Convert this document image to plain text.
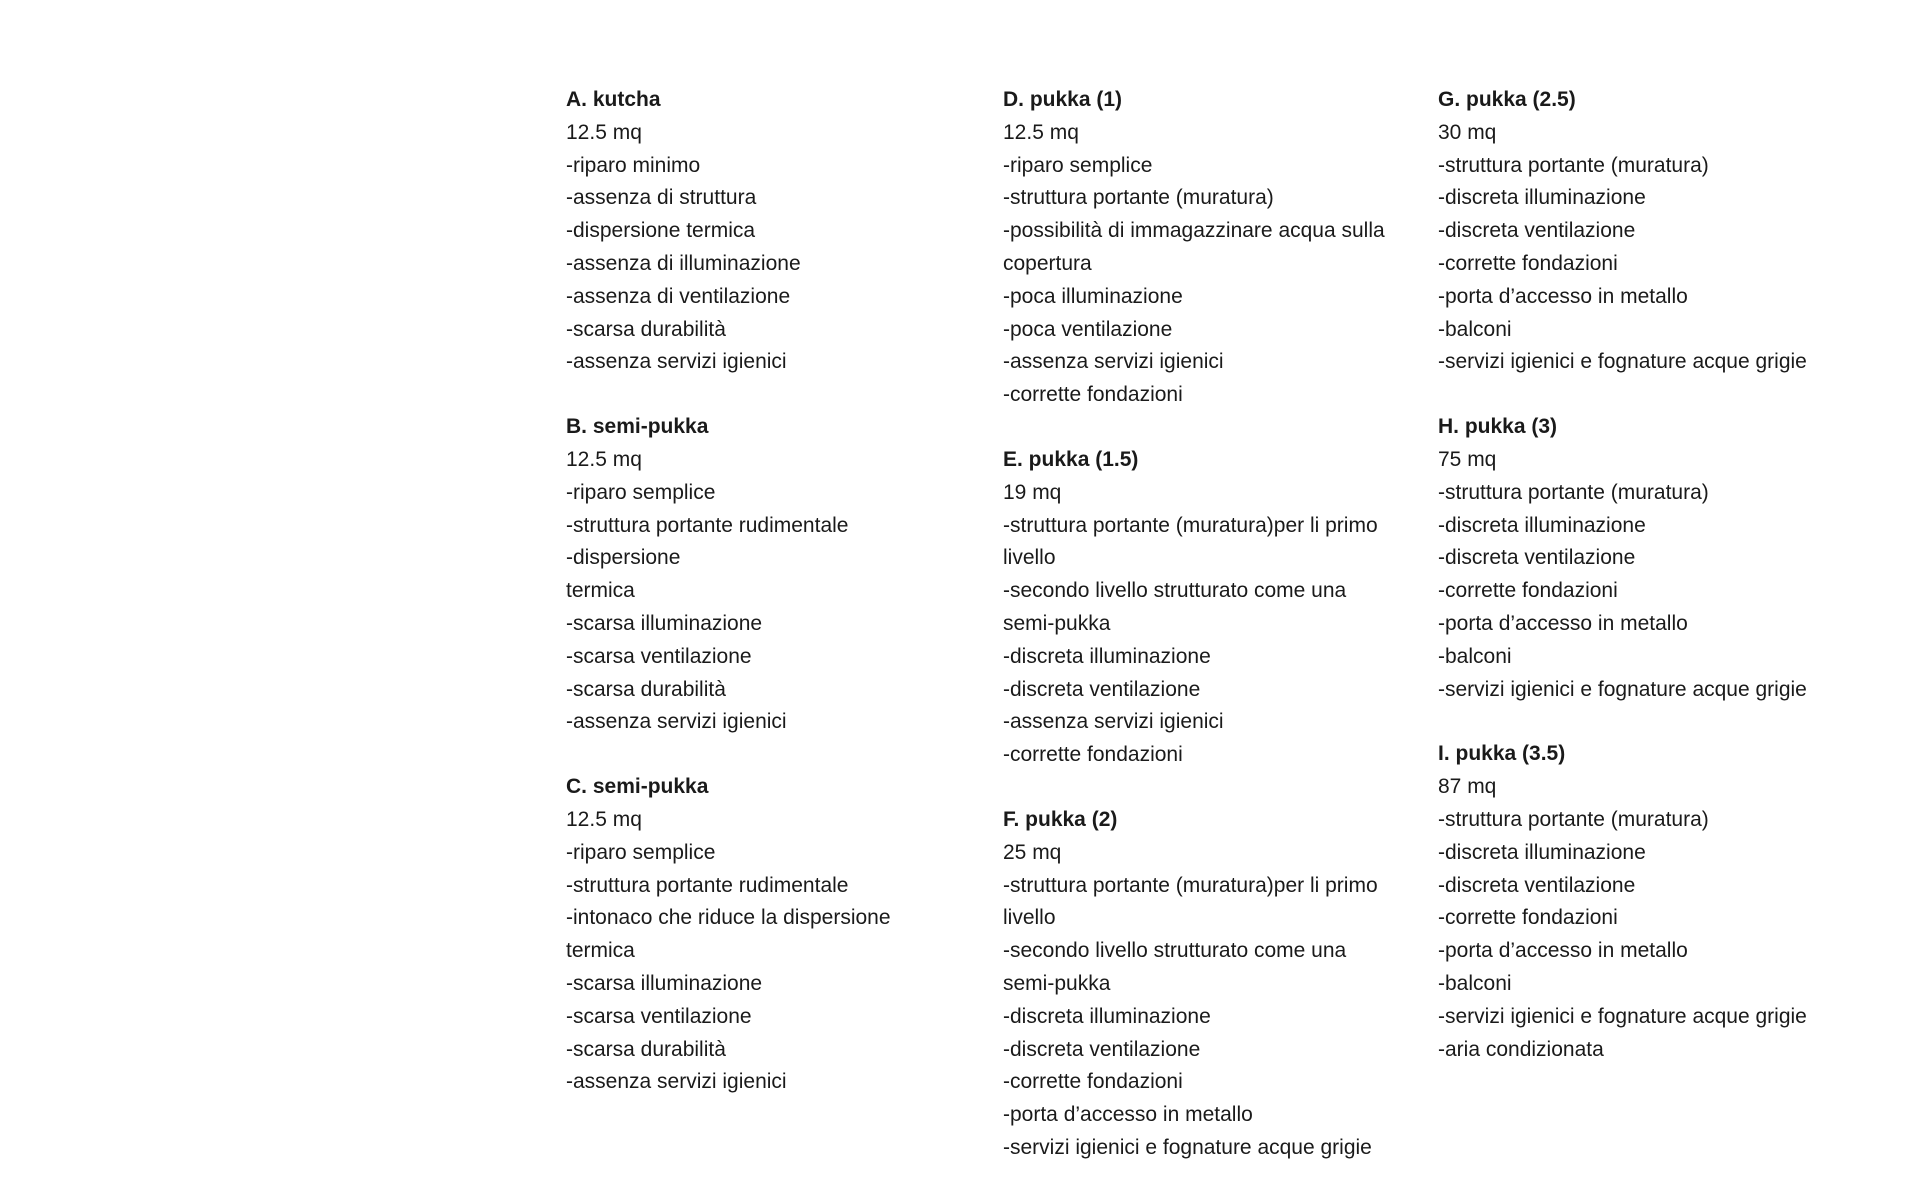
A. kutcha
12.5 mq
-riparo minimo
-assenza di struttura
-dispersione termica
-assenza di illuminazione
-assenza di ventilazione
-scarsa durabilità
-assenza servizi igienici
B. semi-pukka
12.5 mq
-riparo semplice
-struttura portante rudimentale
-dispersione
termica
-scarsa illuminazione
-scarsa ventilazione
-scarsa durabilità
-assenza servizi igienici
C. semi-pukka
12.5 mq
-riparo semplice
-struttura portante rudimentale
-intonaco che riduce la dispersione
termica
-scarsa illuminazione
-scarsa ventilazione
-scarsa durabilità
-assenza servizi igienici
D. pukka (1)
12.5 mq
-riparo semplice
-struttura portante (muratura)
-possibilità di immagazzinare acqua sulla
copertura
-poca illuminazione
-poca ventilazione
-assenza servizi igienici
-corrette fondazioni
E. pukka (1.5)
19 mq
-struttura portante (muratura)per li primo
livello
-secondo livello strutturato come una
semi-pukka
-discreta illuminazione
-discreta ventilazione
-assenza servizi igienici
-corrette fondazioni
F. pukka (2)
25 mq
-struttura portante (muratura)per li primo
livello
-secondo livello strutturato come una
semi-pukka
-discreta illuminazione
-discreta ventilazione
-corrette fondazioni
-porta d’accesso in metallo
-servizi igienici e fognature acque grigie
G. pukka (2.5)
30 mq
-struttura portante (muratura)
-discreta illuminazione
-discreta ventilazione
-corrette fondazioni
-porta d’accesso in metallo
-balconi
-servizi igienici e fognature acque grigie
H. pukka (3)
75 mq
-struttura portante (muratura)
-discreta illuminazione
-discreta ventilazione
-corrette fondazioni
-porta d’accesso in metallo
-balconi
-servizi igienici e fognature acque grigie
I. pukka (3.5)
87 mq
-struttura portante (muratura)
-discreta illuminazione
-discreta ventilazione
-corrette fondazioni
-porta d’accesso in metallo
-balconi
-servizi igienici e fognature acque grigie
-aria condizionata
